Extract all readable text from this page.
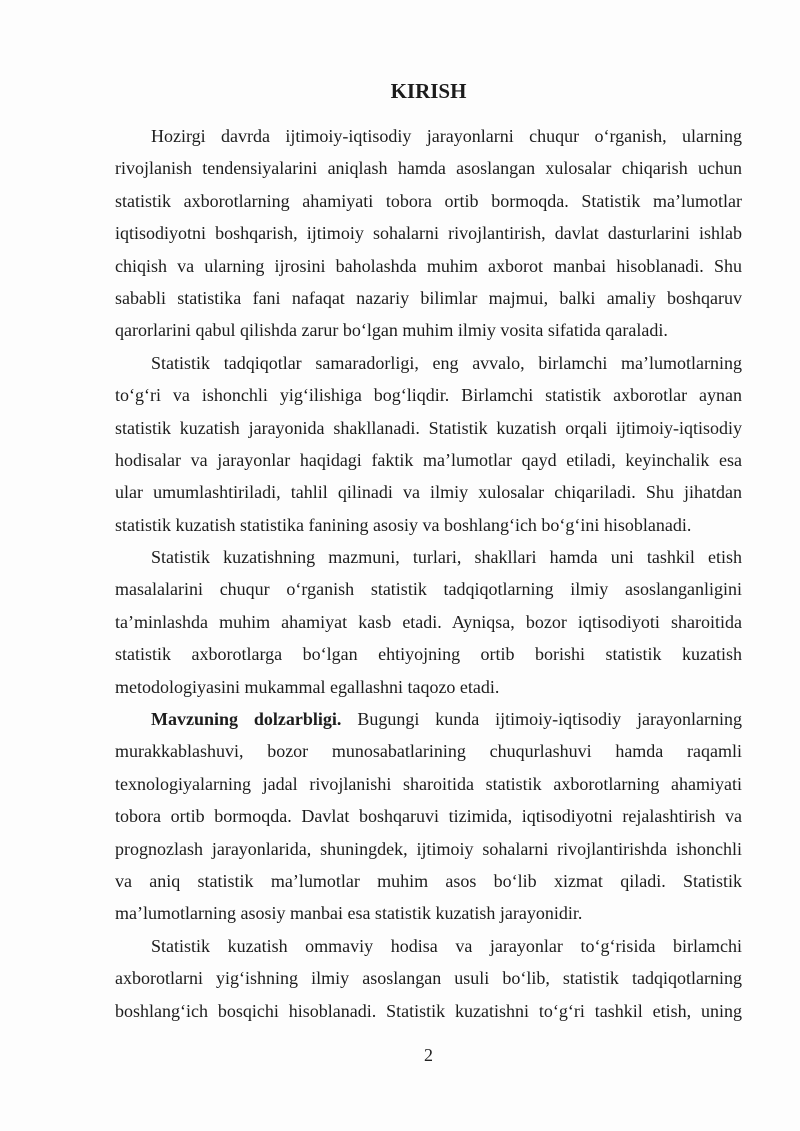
KIRISH

Hozirgi davrda ijtimoiy-iqtisodiy jarayonlarni chuqur o‘rganish, ularning
rivojlanish tendensiyalarini aniqlash hamda asoslangan xulosalar chiqarish uchun
statistik axborotlarning ahamiyati tobora ortib bormoqda. Statistik ma’lumotlar
iqtisodiyotni boshqarish, ijtimoiy sohalarni rivojlantirish, davlat dasturlarini ishlab
chiqish va ularning ijrosini baholashda muhim axborot manbai hisoblanadi. Shu
sababli statistika fani nafaqat nazariy bilimlar majmui, balki amaliy boshqaruv
qarorlarini qabul qilishda zarur bo‘lgan muhim ilmiy vosita sifatida qaraladi.

Statistik tadqiqotlar samaradorligi, eng avvalo, birlamchi ma’lumotlarning
to‘g‘ri va ishonchli yig‘ilishiga bog‘liqdir. Birlamchi statistik axborotlar aynan
statistik kuzatish jarayonida shakllanadi. Statistik kuzatish orqali ijtimoiy-iqtisodiy
hodisalar va jarayonlar haqidagi faktik ma’lumotlar qayd etiladi, keyinchalik esa
ular umumlashtiriladi, tahlil qilinadi va ilmiy xulosalar chiqariladi. Shu jihatdan
statistik kuzatish statistika fanining asosiy va boshlang‘ich bo‘g‘ini hisoblanadi.

Statistik kuzatishning mazmuni, turlari, shakllari hamda uni tashkil etish
masalalarini chuqur o‘rganish statistik tadqiqotlarning ilmiy asoslanganligini
ta’minlashda muhim ahamiyat kasb etadi. Ayniqsa, bozor iqtisodiyoti sharoitida
statistik axborotlarga bo‘lgan ehtiyojning ortib borishi statistik kuzatish
metodologiyasini mukammal egallashni taqozo etadi.

Mavzuning dolzarbligi. Bugungi kunda ijtimoiy-iqtisodiy jarayonlarning
murakkablashuvi, bozor munosabatlarining chuqurlashuvi hamda raqamli
texnologiyalarning jadal rivojlanishi sharoitida statistik axborotlarning ahamiyati
tobora ortib bormoqda. Davlat boshqaruvi tizimida, iqtisodiyotni rejalashtirish va
prognozlash jarayonlarida, shuningdek, ijtimoiy sohalarni rivojlantirishda ishonchli
va aniq statistik ma’lumotlar muhim asos bo‘lib xizmat qiladi. Statistik
ma’lumotlarning asosiy manbai esa statistik kuzatish jarayonidir.

Statistik kuzatish ommaviy hodisa va jarayonlar to‘g‘risida birlamchi
axborotlarni yig‘ishning ilmiy asoslangan usuli bo‘lib, statistik tadqiqotlarning
boshlang‘ich bosqichi hisoblanadi. Statistik kuzatishni to‘g‘ri tashkil etish, uning

2
